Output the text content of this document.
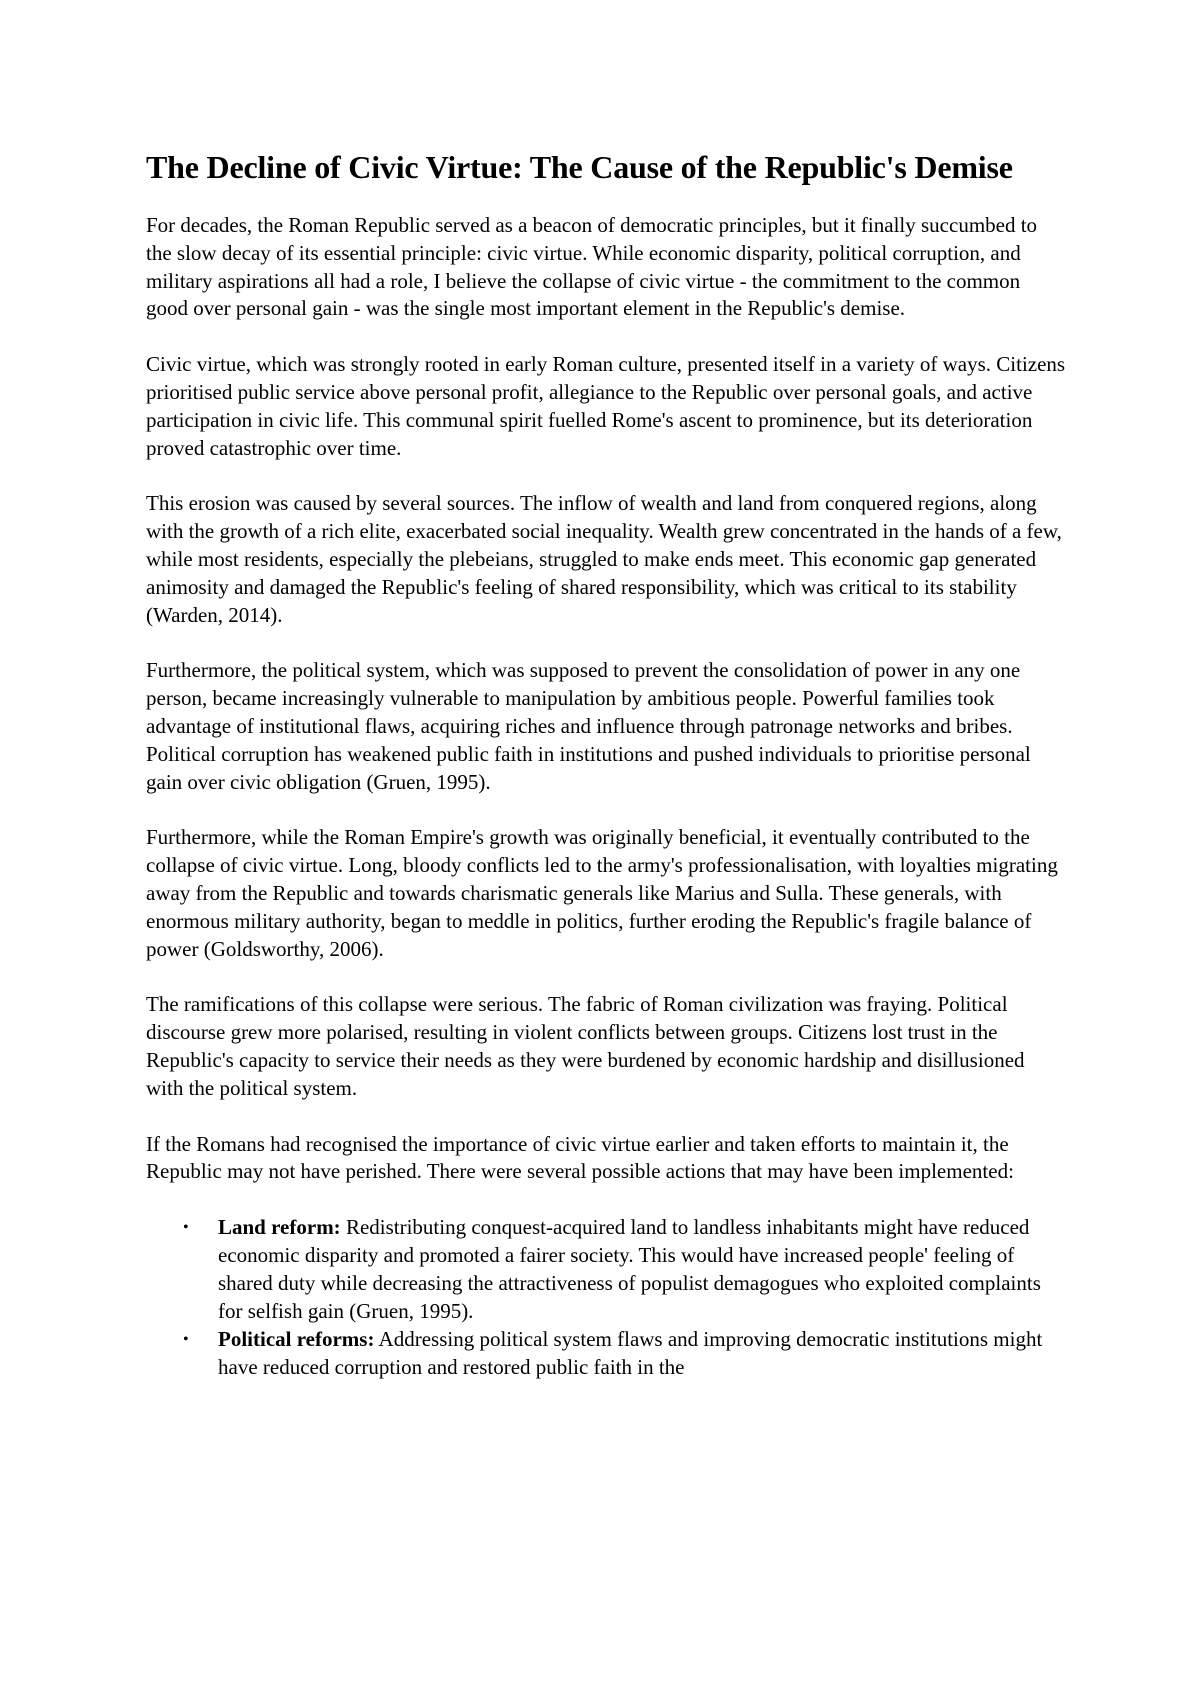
The Decline of Civic Virtue: The Cause of the Republic's Demise

For decades, the Roman Republic served as a beacon of democratic principles, but it finally succumbed to the slow decay of its essential principle: civic virtue. While economic disparity, political corruption, and military aspirations all had a role, I believe the collapse of civic virtue - the commitment to the common good over personal gain - was the single most important element in the Republic's demise.

Civic virtue, which was strongly rooted in early Roman culture, presented itself in a variety of ways. Citizens prioritised public service above personal profit, allegiance to the Republic over personal goals, and active participation in civic life. This communal spirit fuelled Rome's ascent to prominence, but its deterioration proved catastrophic over time.

This erosion was caused by several sources. The inflow of wealth and land from conquered regions, along with the growth of a rich elite, exacerbated social inequality. Wealth grew concentrated in the hands of a few, while most residents, especially the plebeians, struggled to make ends meet. This economic gap generated animosity and damaged the Republic's feeling of shared responsibility, which was critical to its stability (Warden, 2014).

Furthermore, the political system, which was supposed to prevent the consolidation of power in any one person, became increasingly vulnerable to manipulation by ambitious people. Powerful families took advantage of institutional flaws, acquiring riches and influence through patronage networks and bribes. Political corruption has weakened public faith in institutions and pushed individuals to prioritise personal gain over civic obligation (Gruen, 1995).

Furthermore, while the Roman Empire's growth was originally beneficial, it eventually contributed to the collapse of civic virtue. Long, bloody conflicts led to the army's professionalisation, with loyalties migrating away from the Republic and towards charismatic generals like Marius and Sulla. These generals, with enormous military authority, began to meddle in politics, further eroding the Republic's fragile balance of power (Goldsworthy, 2006).

The ramifications of this collapse were serious. The fabric of Roman civilization was fraying. Political discourse grew more polarised, resulting in violent conflicts between groups. Citizens lost trust in the Republic's capacity to service their needs as they were burdened by economic hardship and disillusioned with the political system.

If the Romans had recognised the importance of civic virtue earlier and taken efforts to maintain it, the Republic may not have perished. There were several possible actions that may have been implemented:

• Land reform: Redistributing conquest-acquired land to landless inhabitants might have reduced economic disparity and promoted a fairer society. This would have increased people' feeling of shared duty while decreasing the attractiveness of populist demagogues who exploited complaints for selfish gain (Gruen, 1995).
• Political reforms: Addressing political system flaws and improving democratic institutions might have reduced corruption and restored public faith in the
